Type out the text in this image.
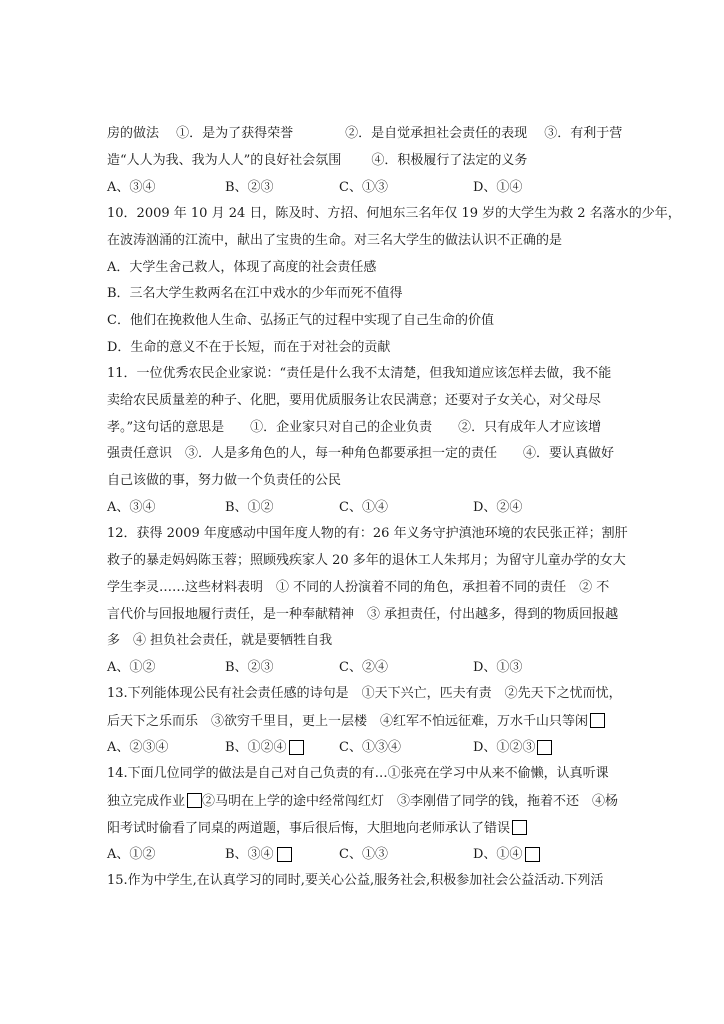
房的做法　 ①．是为了获得荣誉　　　　②．是自觉承担社会责任的表现　 ③．有利于营
造“人人为我、我为人人”的良好社会氛围　　 ④．积极履行了法定的义务
A、③④	B、②③	C、①③	D、①④
10．2009 年 10 月 24 日，陈及时、方招、何旭东三名年仅 19 岁的大学生为救 2 名落水的少年，
在波涛汹涌的江流中，献出了宝贵的生命。对三名大学生的做法认识不正确的是
A．大学生舍己救人，体现了高度的社会责任感
B．三名大学生救两名在江中戏水的少年而死不值得
C．他们在挽救他人生命、弘扬正气的过程中实现了自己生命的价值
D．生命的意义不在于长短，而在于对社会的贡献
11．一位优秀农民企业家说：“责任是什么我不太清楚，但我知道应该怎样去做，我不能
卖给农民质量差的种子、化肥，要用优质服务让农民满意；还要对子女关心，对父母尽
孝。”这句话的意思是　　①．企业家只对自己的企业负责　　②．只有成年人才应该增
强责任意识　③．人是多角色的人，每一种角色都要承担一定的责任　　④．要认真做好
自己该做的事，努力做一个负责任的公民
A、③④	B、①②	C、①④	D、②④
12．获得 2009 年度感动中国年度人物的有：26 年义务守护滇池环境的农民张正祥；割肝
救子的暴走妈妈陈玉蓉；照顾残疾家人 20 多年的退休工人朱邦月；为留守儿童办学的女大
学生李灵……这些材料表明　① 不同的人扮演着不同的角色，承担着不同的责任　② 不
言代价与回报地履行责任，是一种奉献精神　③ 承担责任，付出越多，得到的物质回报越
多　④ 担负社会责任，就是要牺牲自我
A、①②	B、②③	C、②④	D、①③
13.下列能体现公民有社会责任感的诗句是　①天下兴亡，匹夫有责　②先天下之忧而忧，
后天下之乐而乐　③欲穷千里目，更上一层楼　④红军不怕远征难，万水千山只等闲
A、②③④	B、①②④	C、①③④	D、①②③
14.下面几位同学的做法是自己对自己负责的有…①张亮在学习中从来不偷懒，认真听课
独立完成作业 ②马明在上学的途中经常闯红灯　③李刚借了同学的钱，拖着不还　④杨
阳考试时偷看了同桌的两道题，事后很后悔，大胆地向老师承认了错误
A、①②	B、③④	C、①③	D、①④
15.作为中学生,在认真学习的同时,要关心公益,服务社会,积极参加社会公益活动.下列活
